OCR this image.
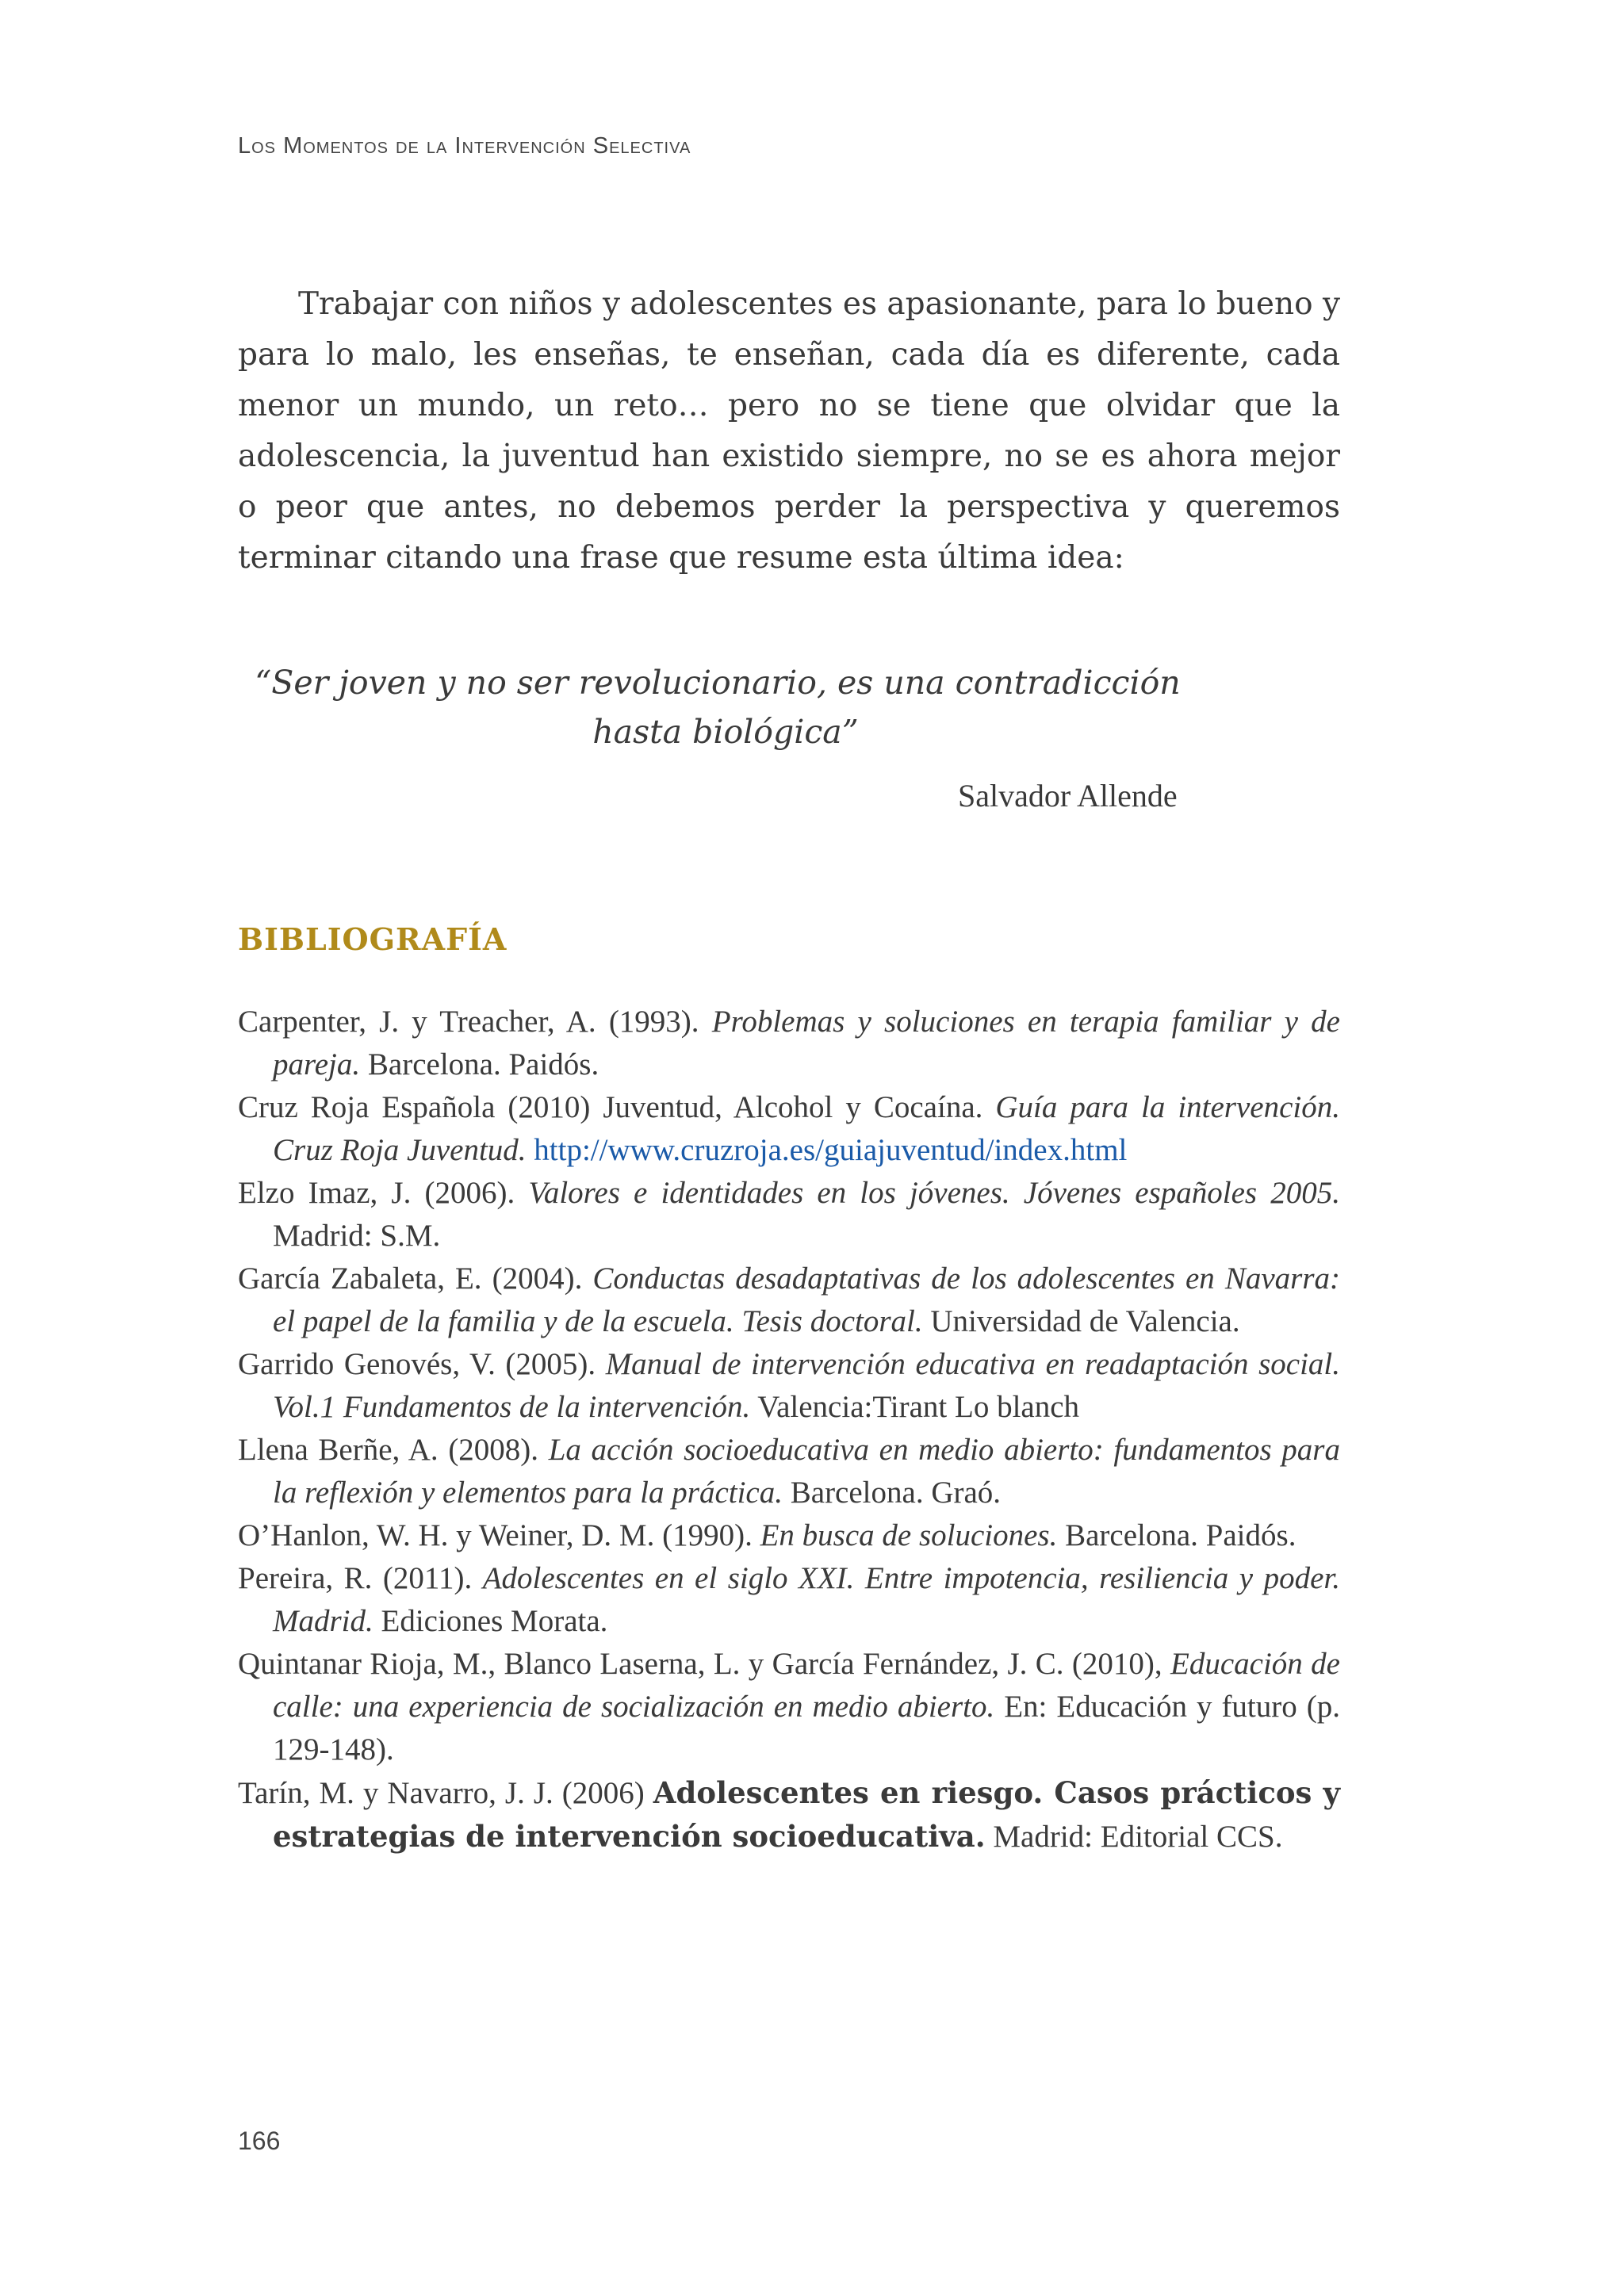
Los Momentos de la Intervención Selectiva

Trabajar con niños y adolescentes es apasionante, para lo bueno y para lo malo, les enseñas, te enseñan, cada día es diferente, cada menor un mundo, un reto… pero no se tiene que olvidar que la adolescencia, la juventud han existido siempre, no se es ahora mejor o peor que antes, no debemos perder la perspectiva y queremos terminar citando una frase que resume esta última idea:

“Ser joven y no ser revolucionario, es una contradicción
hasta biológica”
Salvador Allende
BIBLIOGRAFÍA
Carpenter, J. y Treacher, A. (1993). Problemas y soluciones en terapia familiar y de pareja. Barcelona. Paidós.
Cruz Roja Española (2010) Juventud, Alcohol y Cocaína. Guía para la intervención. Cruz Roja Juventud. http://www.cruzroja.es/guiajuventud/index.html
Elzo Imaz, J. (2006). Valores e identidades en los jóvenes. Jóvenes españoles 2005. Madrid: S.M.
García Zabaleta, E. (2004). Conductas desadaptativas de los adolescentes en Navarra: el papel de la familia y de la escuela. Tesis doctoral. Universidad de Valencia.
Garrido Genovés, V. (2005). Manual de intervención educativa en readaptación social. Vol.1 Fundamentos de la intervención. Valencia:Tirant Lo blanch
Llena Berñe, A. (2008). La acción socioeducativa en medio abierto: fundamentos para la reflexión y elementos para la práctica. Barcelona. Graó.
O’Hanlon, W. H. y Weiner, D. M. (1990). En busca de soluciones. Barcelona. Paidós.
Pereira, R. (2011). Adolescentes en el siglo XXI. Entre impotencia, resiliencia y poder. Madrid. Ediciones Morata.
Quintanar Rioja, M., Blanco Laserna, L. y García Fernández, J. C. (2010), Educación de calle: una experiencia de socialización en medio abierto. En: Educación y futuro (p. 129-148).
Tarín, M. y Navarro, J. J. (2006) Adolescentes en riesgo. Casos prácticos y estrategias de intervención socioeducativa. Madrid: Editorial CCS.
166
